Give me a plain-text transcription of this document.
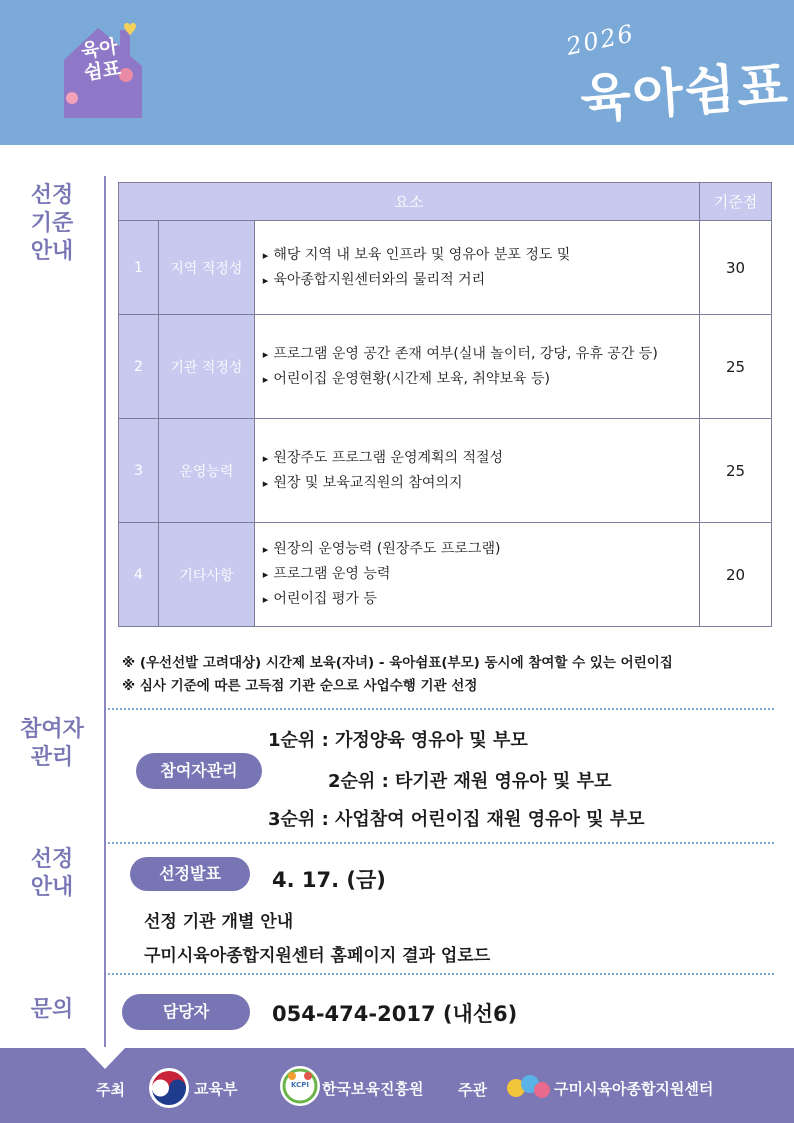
육아
쉼표
2026
육아쉼표
선정
기준
안내
참여자
관리
선정
안내
문의
요소			기준점
1	지역 적정성	▸ 해당 지역 내 보육 인프라 및 영유아 분포 정도 및
▸ 육아종합지원센터와의 물리적 거리	30
2	기관 적정성	▸ 프로그램 운영 공간 존재 여부(실내 놀이터, 강당, 유휴 공간 등)
▸ 어린이집 운영현황(시간제 보육, 취약보육 등)	25
3	운영능력	▸ 원장주도 프로그램 운영계획의 적절성
▸ 원장 및 보육교직원의 참여의지	25
4	기타사항	▸ 원장의 운영능력 (원장주도 프로그램)
▸ 프로그램 운영 능력
▸ 어린이집 평가 등	20
※ (우선선발 고려대상) 시간제 보육(자녀) - 육아쉼표(부모) 동시에 참여할 수 있는 어린이집
※ 심사 기준에 따른 고득점 기관 순으로 사업수행 기관 선정
참여자관리
1순위 : 가정양육 영유아 및 부모
2순위 : 타기관 재원 영유아 및 부모
3순위 : 사업참여 어린이집 재원 영유아 및 부모
선정발표	4. 17. (금)
선정 기관 개별 안내
구미시육아종합지원센터 홈페이지 결과 업로드
담당자	054-474-2017 (내선6)
주최	교육부	KCPI 한국보육진흥원 주관	구미시육아종합지원센터
